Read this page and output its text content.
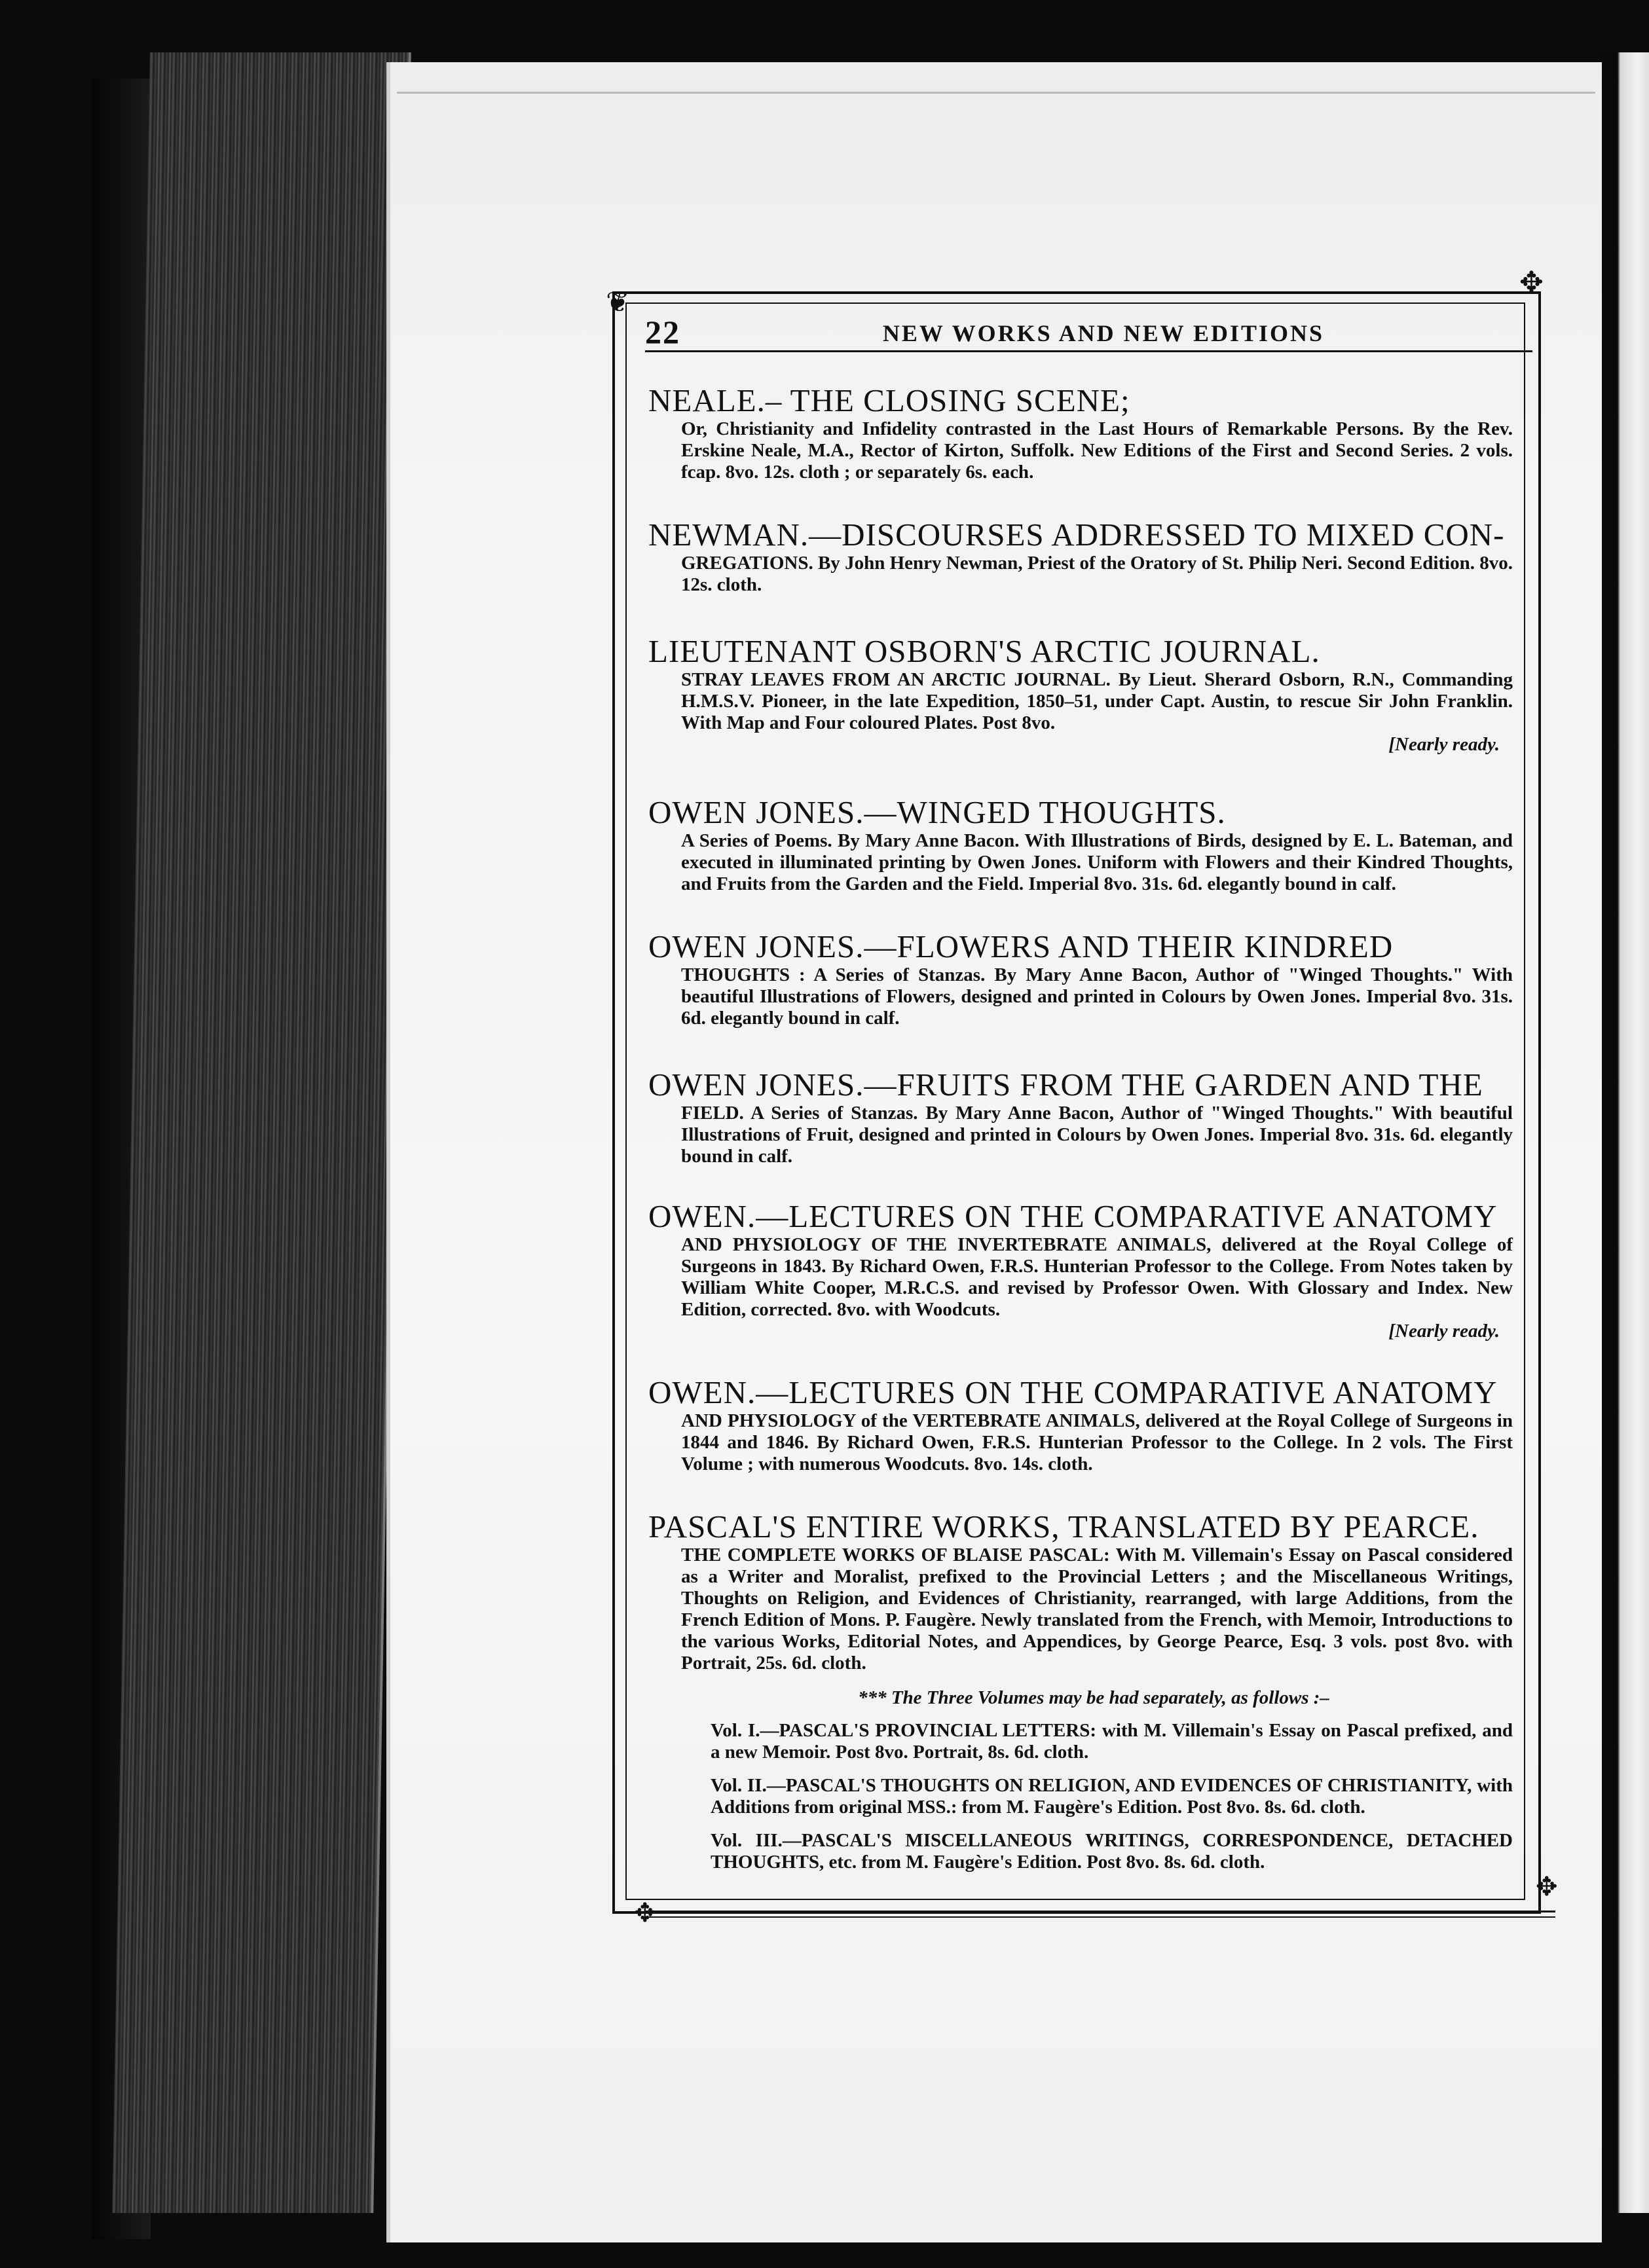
❦
✥
✥
✥
22	NEW WORKS AND NEW EDITIONS
NEALE.– THE CLOSING SCENE;
Or, Christianity and Infidelity contrasted in the Last Hours of Remarkable Persons. By the Rev. Erskine Neale, M.A., Rector of Kirton, Suffolk. New Editions of the First and Second Series. 2 vols. fcap. 8vo. 12s. cloth ; or separately 6s. each.
NEWMAN.—DISCOURSES ADDRESSED TO MIXED CON-
GREGATIONS. By John Henry Newman, Priest of the Oratory of St. Philip Neri. Second Edition. 8vo. 12s. cloth.
LIEUTENANT OSBORN'S ARCTIC JOURNAL.
STRAY LEAVES FROM AN ARCTIC JOURNAL. By Lieut. Sherard Osborn, R.N., Commanding H.M.S.V. Pioneer, in the late Expedition, 1850–51, under Capt. Austin, to rescue Sir John Franklin. With Map and Four coloured Plates. Post 8vo.
[Nearly ready.
OWEN JONES.—WINGED THOUGHTS.
A Series of Poems. By Mary Anne Bacon. With Illustrations of Birds, designed by E. L. Bateman, and executed in illuminated printing by Owen Jones. Uniform with Flowers and their Kindred Thoughts, and Fruits from the Garden and the Field. Imperial 8vo. 31s. 6d. elegantly bound in calf.
OWEN JONES.—FLOWERS AND THEIR KINDRED
THOUGHTS : A Series of Stanzas. By Mary Anne Bacon, Author of "Winged Thoughts." With beautiful Illustrations of Flowers, designed and printed in Colours by Owen Jones. Imperial 8vo. 31s. 6d. elegantly bound in calf.
OWEN JONES.—FRUITS FROM THE GARDEN AND THE
FIELD. A Series of Stanzas. By Mary Anne Bacon, Author of "Winged Thoughts." With beautiful Illustrations of Fruit, designed and printed in Colours by Owen Jones. Imperial 8vo. 31s. 6d. elegantly bound in calf.
OWEN.—LECTURES ON THE COMPARATIVE ANATOMY
AND PHYSIOLOGY OF THE INVERTEBRATE ANIMALS, delivered at the Royal College of Surgeons in 1843. By Richard Owen, F.R.S. Hunterian Professor to the College. From Notes taken by William White Cooper, M.R.C.S. and revised by Professor Owen. With Glossary and Index. New Edition, corrected. 8vo. with Woodcuts.
[Nearly ready.
OWEN.—LECTURES ON THE COMPARATIVE ANATOMY
AND PHYSIOLOGY of the VERTEBRATE ANIMALS, delivered at the Royal College of Surgeons in 1844 and 1846. By Richard Owen, F.R.S. Hunterian Professor to the College. In 2 vols. The First Volume ; with numerous Woodcuts. 8vo. 14s. cloth.
PASCAL'S ENTIRE WORKS, TRANSLATED BY PEARCE.
THE COMPLETE WORKS OF BLAISE PASCAL: With M. Villemain's Essay on Pascal considered as a Writer and Moralist, prefixed to the Provincial Letters ; and the Miscellaneous Writings, Thoughts on Religion, and Evidences of Christianity, rearranged, with large Additions, from the French Edition of Mons. P. Faugère. Newly translated from the French, with Memoir, Introductions to the various Works, Editorial Notes, and Appendices, by George Pearce, Esq. 3 vols. post 8vo. with Portrait, 25s. 6d. cloth.
*** The Three Volumes may be had separately, as follows :–
Vol. I.—PASCAL'S PROVINCIAL LETTERS: with M. Villemain's Essay on Pascal prefixed, and a new Memoir. Post 8vo. Portrait, 8s. 6d. cloth.
Vol. II.—PASCAL'S THOUGHTS ON RELIGION, AND EVIDENCES OF CHRISTIANITY, with Additions from original MSS.: from M. Faugère's Edition. Post 8vo. 8s. 6d. cloth.
Vol. III.—PASCAL'S MISCELLANEOUS WRITINGS, CORRESPONDENCE, DETACHED THOUGHTS, etc. from M. Faugère's Edition. Post 8vo. 8s. 6d. cloth.
